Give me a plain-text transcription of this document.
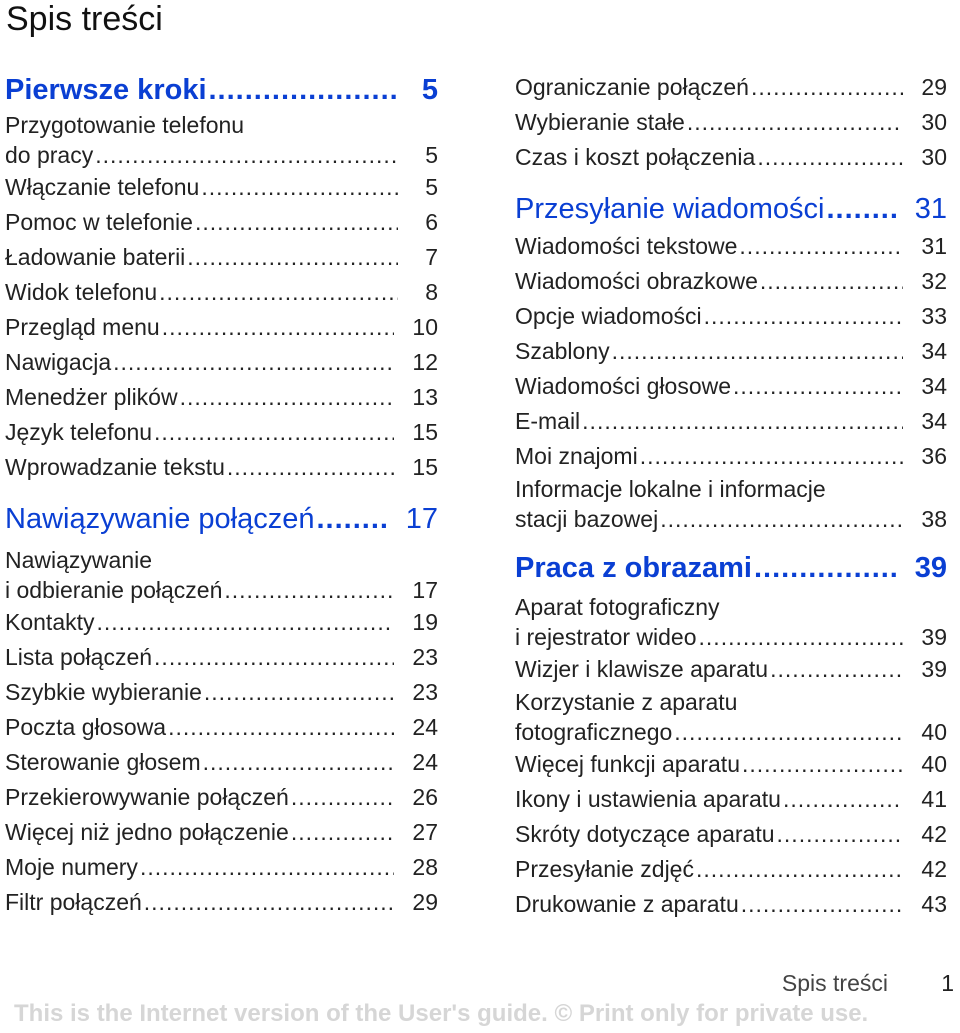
Spis treści
Pierwsze kroki .....	5
Przygotowanie telefonu
do pracy .....	5
Włączanie telefonu .....	5
Pomoc w telefonie .....	6
Ładowanie baterii .....	7
Widok telefonu .....	8
Przegląd menu .....	10
Nawigacja .....	12
Menedżer plików .....	13
Język telefonu .....	15
Wprowadzanie tekstu .....	15
Nawiązywanie połączeń .....	17
Nawiązywanie
i odbieranie połączeń .....	17
Kontakty .....	19
Lista połączeń .....	23
Szybkie wybieranie .....	23
Poczta głosowa .....	24
Sterowanie głosem .....	24
Przekierowywanie połączeń .....	26
Więcej niż jedno połączenie .....	27
Moje numery .....	28
Filtr połączeń .....	29
Ograniczanie połączeń .....	29
Wybieranie stałe .....	30
Czas i koszt połączenia .....	30
Przesyłanie wiadomości .....	31
Wiadomości tekstowe .....	31
Wiadomości obrazkowe .....	32
Opcje wiadomości .....	33
Szablony .....	34
Wiadomości głosowe .....	34
E-mail .....	34
Moi znajomi .....	36
Informacje lokalne i informacje
stacji bazowej .....	38
Praca z obrazami .....	39
Aparat fotograficzny
i rejestrator wideo .....	39
Wizjer i klawisze aparatu .....	39
Korzystanie z aparatu
fotograficznego .....	40
Więcej funkcji aparatu .....	40
Ikony i ustawienia aparatu .....	41
Skróty dotyczące aparatu .....	42
Przesyłanie zdjęć .....	42
Drukowanie z aparatu .....	43
Spis treści 1
This is the Internet version of the User's guide. © Print only for private use.
